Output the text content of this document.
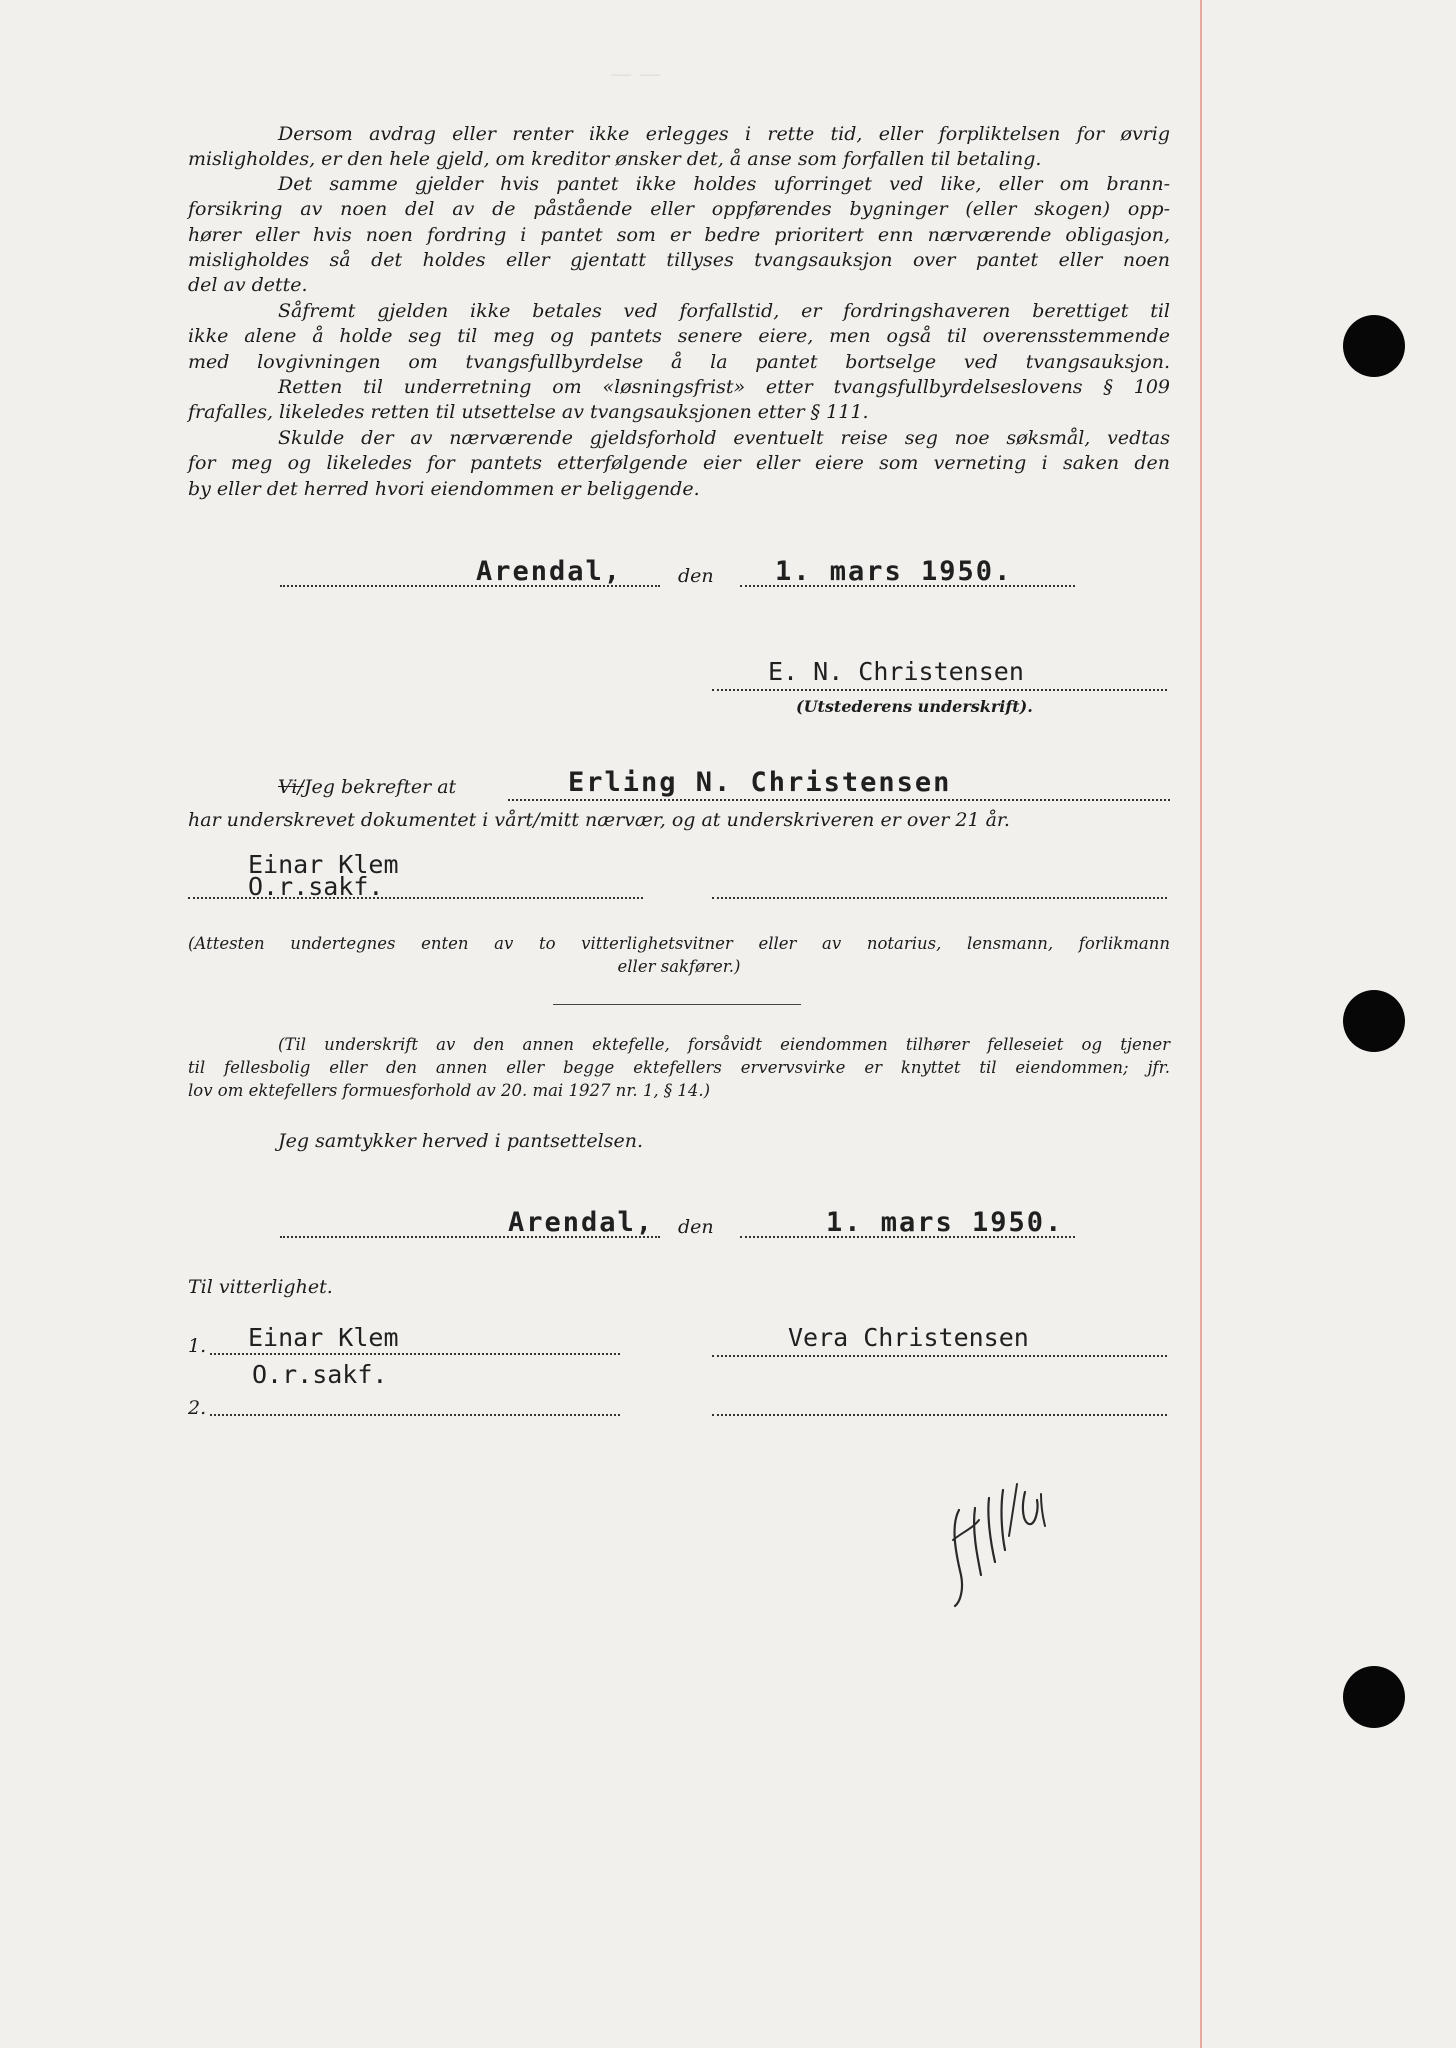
— —
Dersom avdrag eller renter ikke erlegges i rette tid, eller forpliktelsen for øvrig
misligholdes, er den hele gjeld, om kreditor ønsker det, å anse som forfallen til betaling.
Det samme gjelder hvis pantet ikke holdes uforringet ved like, eller om brann-
forsikring av noen del av de påstående eller oppførendes bygninger (eller skogen) opp-
hører eller hvis noen fordring i pantet som er bedre prioritert enn nærværende obligasjon,
misligholdes så det holdes eller gjentatt tillyses tvangsauksjon over pantet eller noen
del av dette.
Såfremt gjelden ikke betales ved forfallstid, er fordringshaveren berettiget til
ikke alene å holde seg til meg og pantets senere eiere, men også til overensstemmende
med lovgivningen om tvangsfullbyrdelse å la pantet bortselge ved tvangsauksjon.
Retten til underretning om «løsningsfrist» etter tvangsfullbyrdelseslovens § 109
frafalles, likeledes retten til utsettelse av tvangsauksjonen etter § 111.
Skulde der av nærværende gjeldsforhold eventuelt reise seg noe søksmål, vedtas
for meg og likeledes for pantets etterfølgende eier eller eiere som verneting i saken den
by eller det herred hvori eiendommen er beliggende.
Arendal,	den 1. mars 1950.
E. N. Christensen
(Utstederens underskrift).
Vi/Jeg bekrefter at	Erling N. Christensen
har underskrevet dokumentet i vårt/mitt nærvær, og at underskriveren er over 21 år.
Einar Klem
O.r.sakf.
(Attesten undertegnes enten av to vitterlighetsvitner eller av notarius, lensmann, forlikmann
eller sakfører.)
(Til underskrift av den annen ektefelle, forsåvidt eiendommen tilhører felleseiet og tjener
til fellesbolig eller den annen eller begge ektefellers ervervsvirke er knyttet til eiendommen; jfr.
lov om ektefellers formuesforhold av 20. mai 1927 nr. 1, § 14.)
Jeg samtykker herved i pantsettelsen.
Arendal, den	1. mars 1950.
Til vitterlighet.
1. Einar Klem
O.r.sakf.
Vera Christensen
2.
